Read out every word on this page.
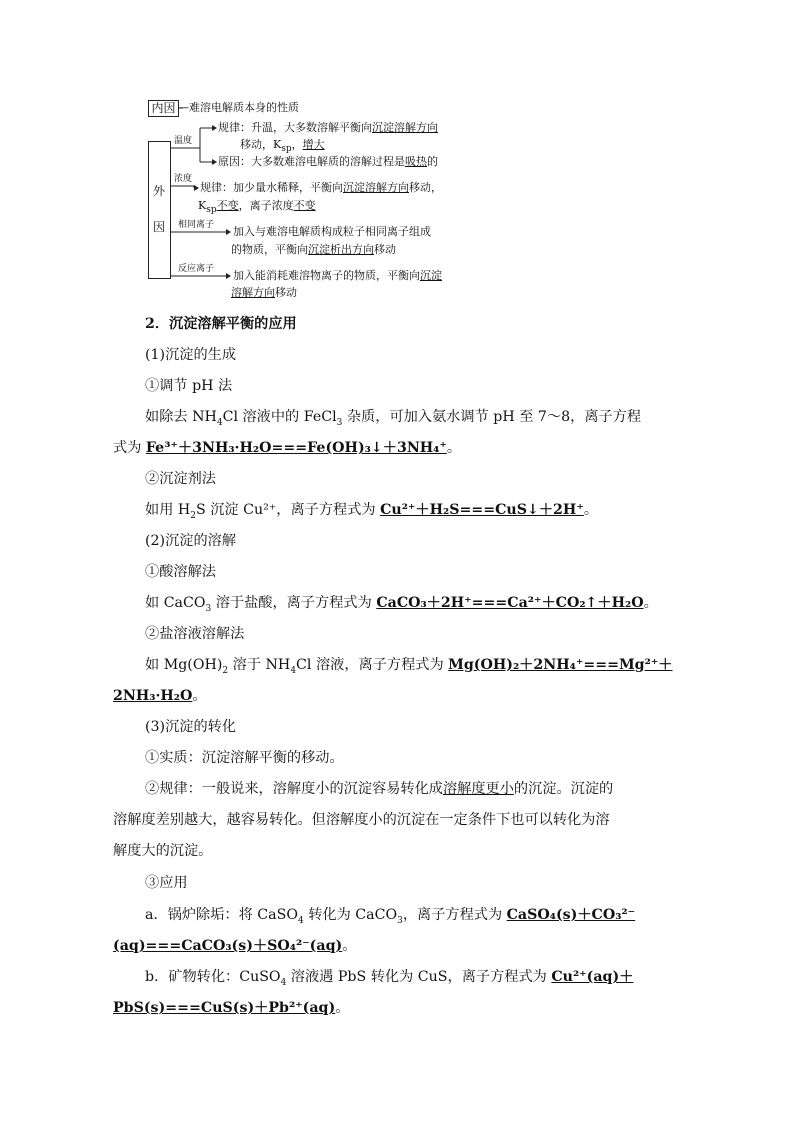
内因 —难溶电解质本身的性质
外
因
温度
规律：升温，大多数溶解平衡向沉淀溶解方向
移动，$K_{sp}$，增大
原因：大多数难溶电解质的溶解过程是吸热的
浓度
规律：加少量水稀释，平衡向沉淀溶解方向移动，
$K_{sp}$不变，离子浓度不变
相同离子 加入与难溶电解质构成粒子相同离子组成
的物质，平衡向沉淀析出方向移动
反应离子 加入能消耗难溶物离子的物质，平衡向沉淀
溶解方向移动
2．沉淀溶解平衡的应用
(1)沉淀的生成
①调节 pH 法
如除去 $NH_4Cl$ 溶液中的 FeCl$_3$ 杂质，可加入氨水调节 pH 至 7～8，离子方程
式为 Fe³⁺＋3NH₃·H₂O===Fe(OH)₃↓＋3NH₄⁺。
②沉淀剂法
如用 $H_2S$ 沉淀 Cu²⁺，离子方程式为 Cu²⁺＋H₂S===CuS↓＋2H⁺。
(2)沉淀的溶解
①酸溶解法
如 CaCO$_3$ 溶于盐酸，离子方程式为 CaCO₃＋2H⁺===Ca²⁺＋CO₂↑＋H₂O。
②盐溶液溶解法
如 $Mg(OH)_2$ 溶于 $NH_4Cl$ 溶液，离子方程式为 Mg(OH)₂＋2NH₄⁺===Mg²⁺＋
2NH₃·H₂O。
(3)沉淀的转化
①实质：沉淀溶解平衡的移动。
②规律：一般说来，溶解度小的沉淀容易转化成溶解度更小的沉淀。沉淀的
溶解度差别越大，越容易转化。但溶解度小的沉淀在一定条件下也可以转化为溶
解度大的沉淀。
③应用
a．锅炉除垢：将 CaSO$_4$ 转化为 CaCO$_3$，离子方程式为 CaSO₄(s)＋CO₃²⁻
(aq)===CaCO₃(s)＋SO₄²⁻(aq)。
b．矿物转化：CuSO$_4$ 溶液遇 PbS 转化为 CuS，离子方程式为 Cu²⁺(aq)＋
PbS(s)===CuS(s)＋Pb²⁺(aq)。
